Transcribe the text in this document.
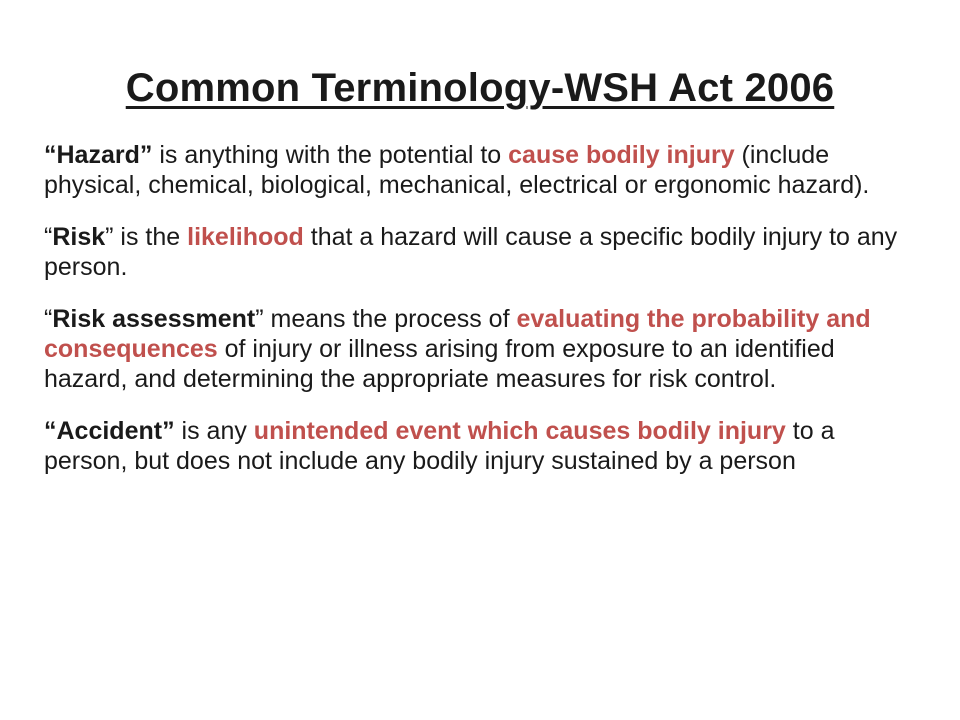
Common Terminology-WSH Act 2006

“Hazard” is anything with the potential to cause bodily injury (include physical, chemical, biological, mechanical, electrical or ergonomic hazard).

“Risk” is the likelihood that a hazard will cause a specific bodily injury to any person.

“Risk assessment” means the process of evaluating the probability and consequences of injury or illness arising from exposure to an identified hazard, and determining the appropriate measures for risk control.

“Accident” is any unintended event which causes bodily injury to a person, but does not include any bodily injury sustained by a person
